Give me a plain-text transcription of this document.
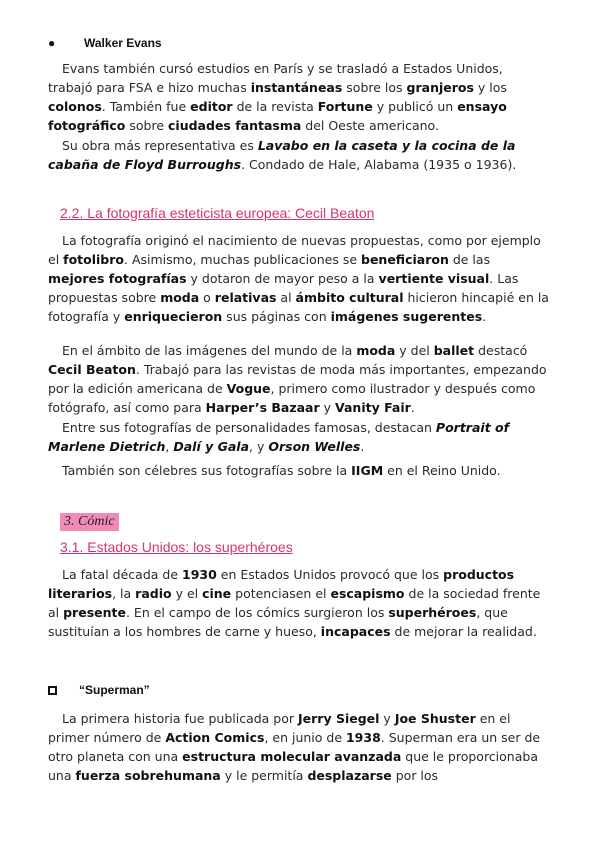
● Walker Evans

Evans también cursó estudios en París y se trasladó a Estados Unidos, trabajó para FSA e hizo muchas instantáneas sobre los granjeros y los colonos. También fue editor de la revista Fortune y publicó un ensayo fotográfico sobre ciudades fantasma del Oeste americano.

Su obra más representativa es Lavabo en la caseta y la cocina de la cabaña de Floyd Burroughs. Condado de Hale, Alabama (1935 o 1936).

2.2. La fotografía esteticista europea: Cecil Beaton

La fotografía originó el nacimiento de nuevas propuestas, como por ejemplo el fotolibro. Asimismo, muchas publicaciones se beneficiaron de las mejores fotografías y dotaron de mayor peso a la vertiente visual. Las propuestas sobre moda o relativas al ámbito cultural hicieron hincapié en la fotografía y enriquecieron sus páginas con imágenes sugerentes.

En el ámbito de las imágenes del mundo de la moda y del ballet destacó Cecil Beaton. Trabajó para las revistas de moda más importantes, empezando por la edición americana de Vogue, primero como ilustrador y después como fotógrafo, así como para Harper’s Bazaar y Vanity Fair.

Entre sus fotografías de personalidades famosas, destacan Portrait of Marlene Dietrich, Dalí y Gala, y Orson Welles.

También son célebres sus fotografías sobre la IIGM en el Reino Unido.

3. Cómic
3.1. Estados Unidos: los superhéroes

La fatal década de 1930 en Estados Unidos provocó que los productos literarios, la radio y el cine potenciasen el escapismo de la sociedad frente al presente. En el campo de los cómics surgieron los superhéroes, que sustituían a los hombres de carne y hueso, incapaces de mejorar la realidad.

“Superman”

La primera historia fue publicada por Jerry Siegel y Joe Shuster en el primer número de Action Comics, en junio de 1938. Superman era un ser de otro planeta con una estructura molecular avanzada que le proporcionaba una fuerza sobrehumana y le permitía desplazarse por los
